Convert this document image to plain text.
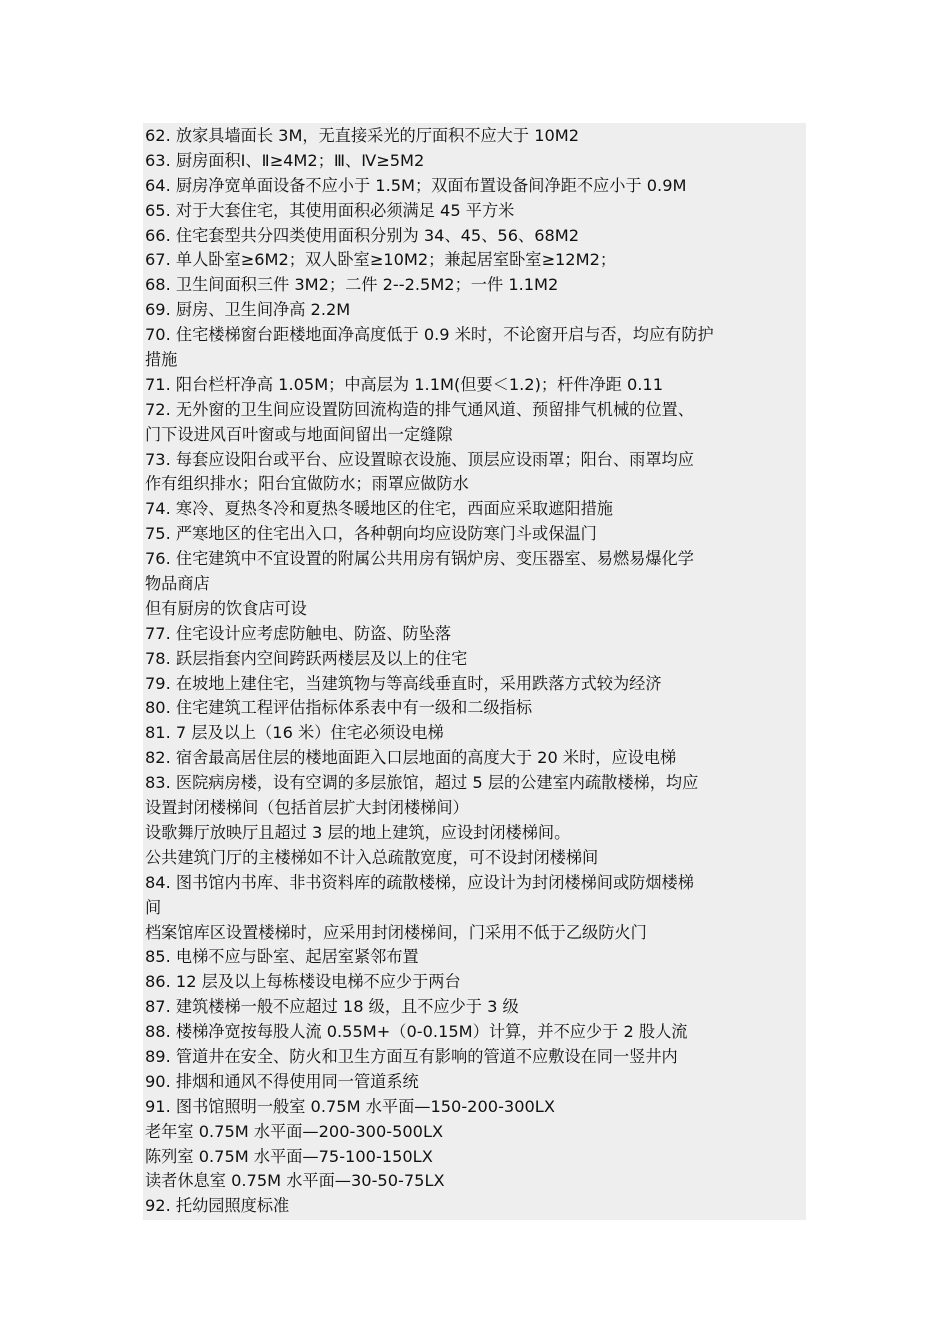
62. 放家具墙面长 3M，无直接采光的厅面积不应大于 10M2
63. 厨房面积Ⅰ、Ⅱ≥4M2；Ⅲ、Ⅳ≥5M2
64. 厨房净宽单面设备不应小于 1.5M；双面布置设备间净距不应小于 0.9M
65. 对于大套住宅，其使用面积必须满足 45 平方米
66. 住宅套型共分四类使用面积分别为 34、45、56、68M2
67. 单人卧室≥6M2；双人卧室≥10M2；兼起居室卧室≥12M2；
68. 卫生间面积三件 3M2；二件 2--2.5M2；一件 1.1M2
69. 厨房、卫生间净高 2.2M
70. 住宅楼梯窗台距楼地面净高度低于 0.9 米时，不论窗开启与否，均应有防护
措施
71. 阳台栏杆净高 1.05M；中高层为 1.1M(但要＜1.2)；杆件净距 0.11
72. 无外窗的卫生间应设置防回流构造的排气通风道、预留排气机械的位置、
门下设进风百叶窗或与地面间留出一定缝隙
73. 每套应设阳台或平台、应设置晾衣设施、顶层应设雨罩；阳台、雨罩均应
作有组织排水；阳台宜做防水；雨罩应做防水
74. 寒冷、夏热冬冷和夏热冬暖地区的住宅，西面应采取遮阳措施
75. 严寒地区的住宅出入口，各种朝向均应设防寒门斗或保温门
76. 住宅建筑中不宜设置的附属公共用房有锅炉房、变压器室、易燃易爆化学
物品商店
但有厨房的饮食店可设
77. 住宅设计应考虑防触电、防盗、防坠落
78. 跃层指套内空间跨跃两楼层及以上的住宅
79. 在坡地上建住宅，当建筑物与等高线垂直时，采用跌落方式较为经济
80. 住宅建筑工程评估指标体系表中有一级和二级指标
81. 7 层及以上（16 米）住宅必须设电梯
82. 宿舍最高居住层的楼地面距入口层地面的高度大于 20 米时，应设电梯
83. 医院病房楼，设有空调的多层旅馆，超过 5 层的公建室内疏散楼梯，均应
设置封闭楼梯间（包括首层扩大封闭楼梯间）
设歌舞厅放映厅且超过 3 层的地上建筑，应设封闭楼梯间。
公共建筑门厅的主楼梯如不计入总疏散宽度，可不设封闭楼梯间
84. 图书馆内书库、非书资料库的疏散楼梯，应设计为封闭楼梯间或防烟楼梯
间
档案馆库区设置楼梯时，应采用封闭楼梯间，门采用不低于乙级防火门
85. 电梯不应与卧室、起居室紧邻布置
86. 12 层及以上每栋楼设电梯不应少于两台
87. 建筑楼梯一般不应超过 18 级，且不应少于 3 级
88. 楼梯净宽按每股人流 0.55M+（0-0.15M）计算，并不应少于 2 股人流
89. 管道井在安全、防火和卫生方面互有影响的管道不应敷设在同一竖井内
90. 排烟和通风不得使用同一管道系统
91. 图书馆照明一般室 0.75M 水平面—150-200-300LX
老年室 0.75M 水平面—200-300-500LX
陈列室 0.75M 水平面—75-100-150LX
读者休息室 0.75M 水平面—30-50-75LX
92. 托幼园照度标准
